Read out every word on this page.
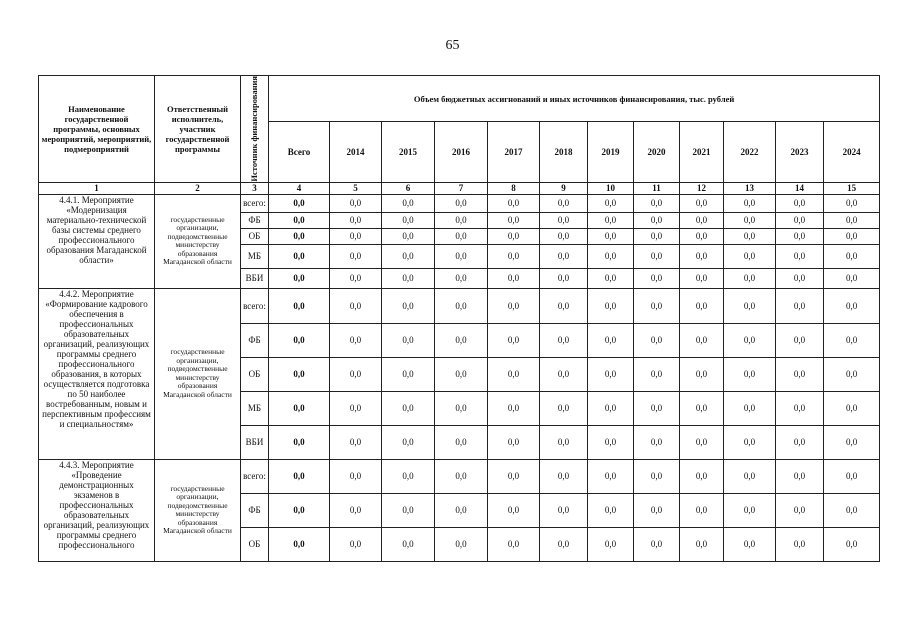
65
Наименование государственной программы, основных мероприятий, мероприятий, подмероприятий	Ответственный исполнитель, участник государственной программы	Источник финансирования	Объем бюджетных ассигнований и иных источников финансирования, тыс. рублей											
			Всего	2014	2015	2016	2017	2018	2019	2020	2021	2022	2023	2024
1	2	3	4	5	6	7	8	9	10	11	12	13	14	15
4.4.1. Мероприятие «Модернизация материально-технической базы системы среднего профессионального образования Магаданской области»	государственные организации, подведомственные министерству образования Магаданской области	всего:	0,0	0,0	0,0	0,0	0,0	0,0	0,0	0,0	0,0	0,0	0,0	0,0
		ФБ	0,0	0,0	0,0	0,0	0,0	0,0	0,0	0,0	0,0	0,0	0,0	0,0
		ОБ	0,0	0,0	0,0	0,0	0,0	0,0	0,0	0,0	0,0	0,0	0,0	0,0
		МБ	0,0	0,0	0,0	0,0	0,0	0,0	0,0	0,0	0,0	0,0	0,0	0,0
		ВБИ	0,0	0,0	0,0	0,0	0,0	0,0	0,0	0,0	0,0	0,0	0,0	0,0
4.4.2. Мероприятие «Формирование кадрового обеспечения в профессиональных образовательных организаций, реализующих программы среднего профессионального образования, в которых осуществляется подготовка по 50 наиболее востребованным, новым и перспективным профессиям и специальностям»	государственные организации, подведомственные министерству образования Магаданской области	всего:	0,0	0,0	0,0	0,0	0,0	0,0	0,0	0,0	0,0	0,0	0,0	0,0
		ФБ	0,0	0,0	0,0	0,0	0,0	0,0	0,0	0,0	0,0	0,0	0,0	0,0
		ОБ	0,0	0,0	0,0	0,0	0,0	0,0	0,0	0,0	0,0	0,0	0,0	0,0
		МБ	0,0	0,0	0,0	0,0	0,0	0,0	0,0	0,0	0,0	0,0	0,0	0,0
		ВБИ	0,0	0,0	0,0	0,0	0,0	0,0	0,0	0,0	0,0	0,0	0,0	0,0
4.4.3. Мероприятие «Проведение демонстрационных экзаменов в профессиональных образовательных организаций, реализующих программы среднего профессионального	государственные организации, подведомственные министерству образования Магаданской области	всего:	0,0	0,0	0,0	0,0	0,0	0,0	0,0	0,0	0,0	0,0	0,0	0,0
		ФБ	0,0	0,0	0,0	0,0	0,0	0,0	0,0	0,0	0,0	0,0	0,0	0,0
		ОБ	0,0	0,0	0,0	0,0	0,0	0,0	0,0	0,0	0,0	0,0	0,0	0,0
